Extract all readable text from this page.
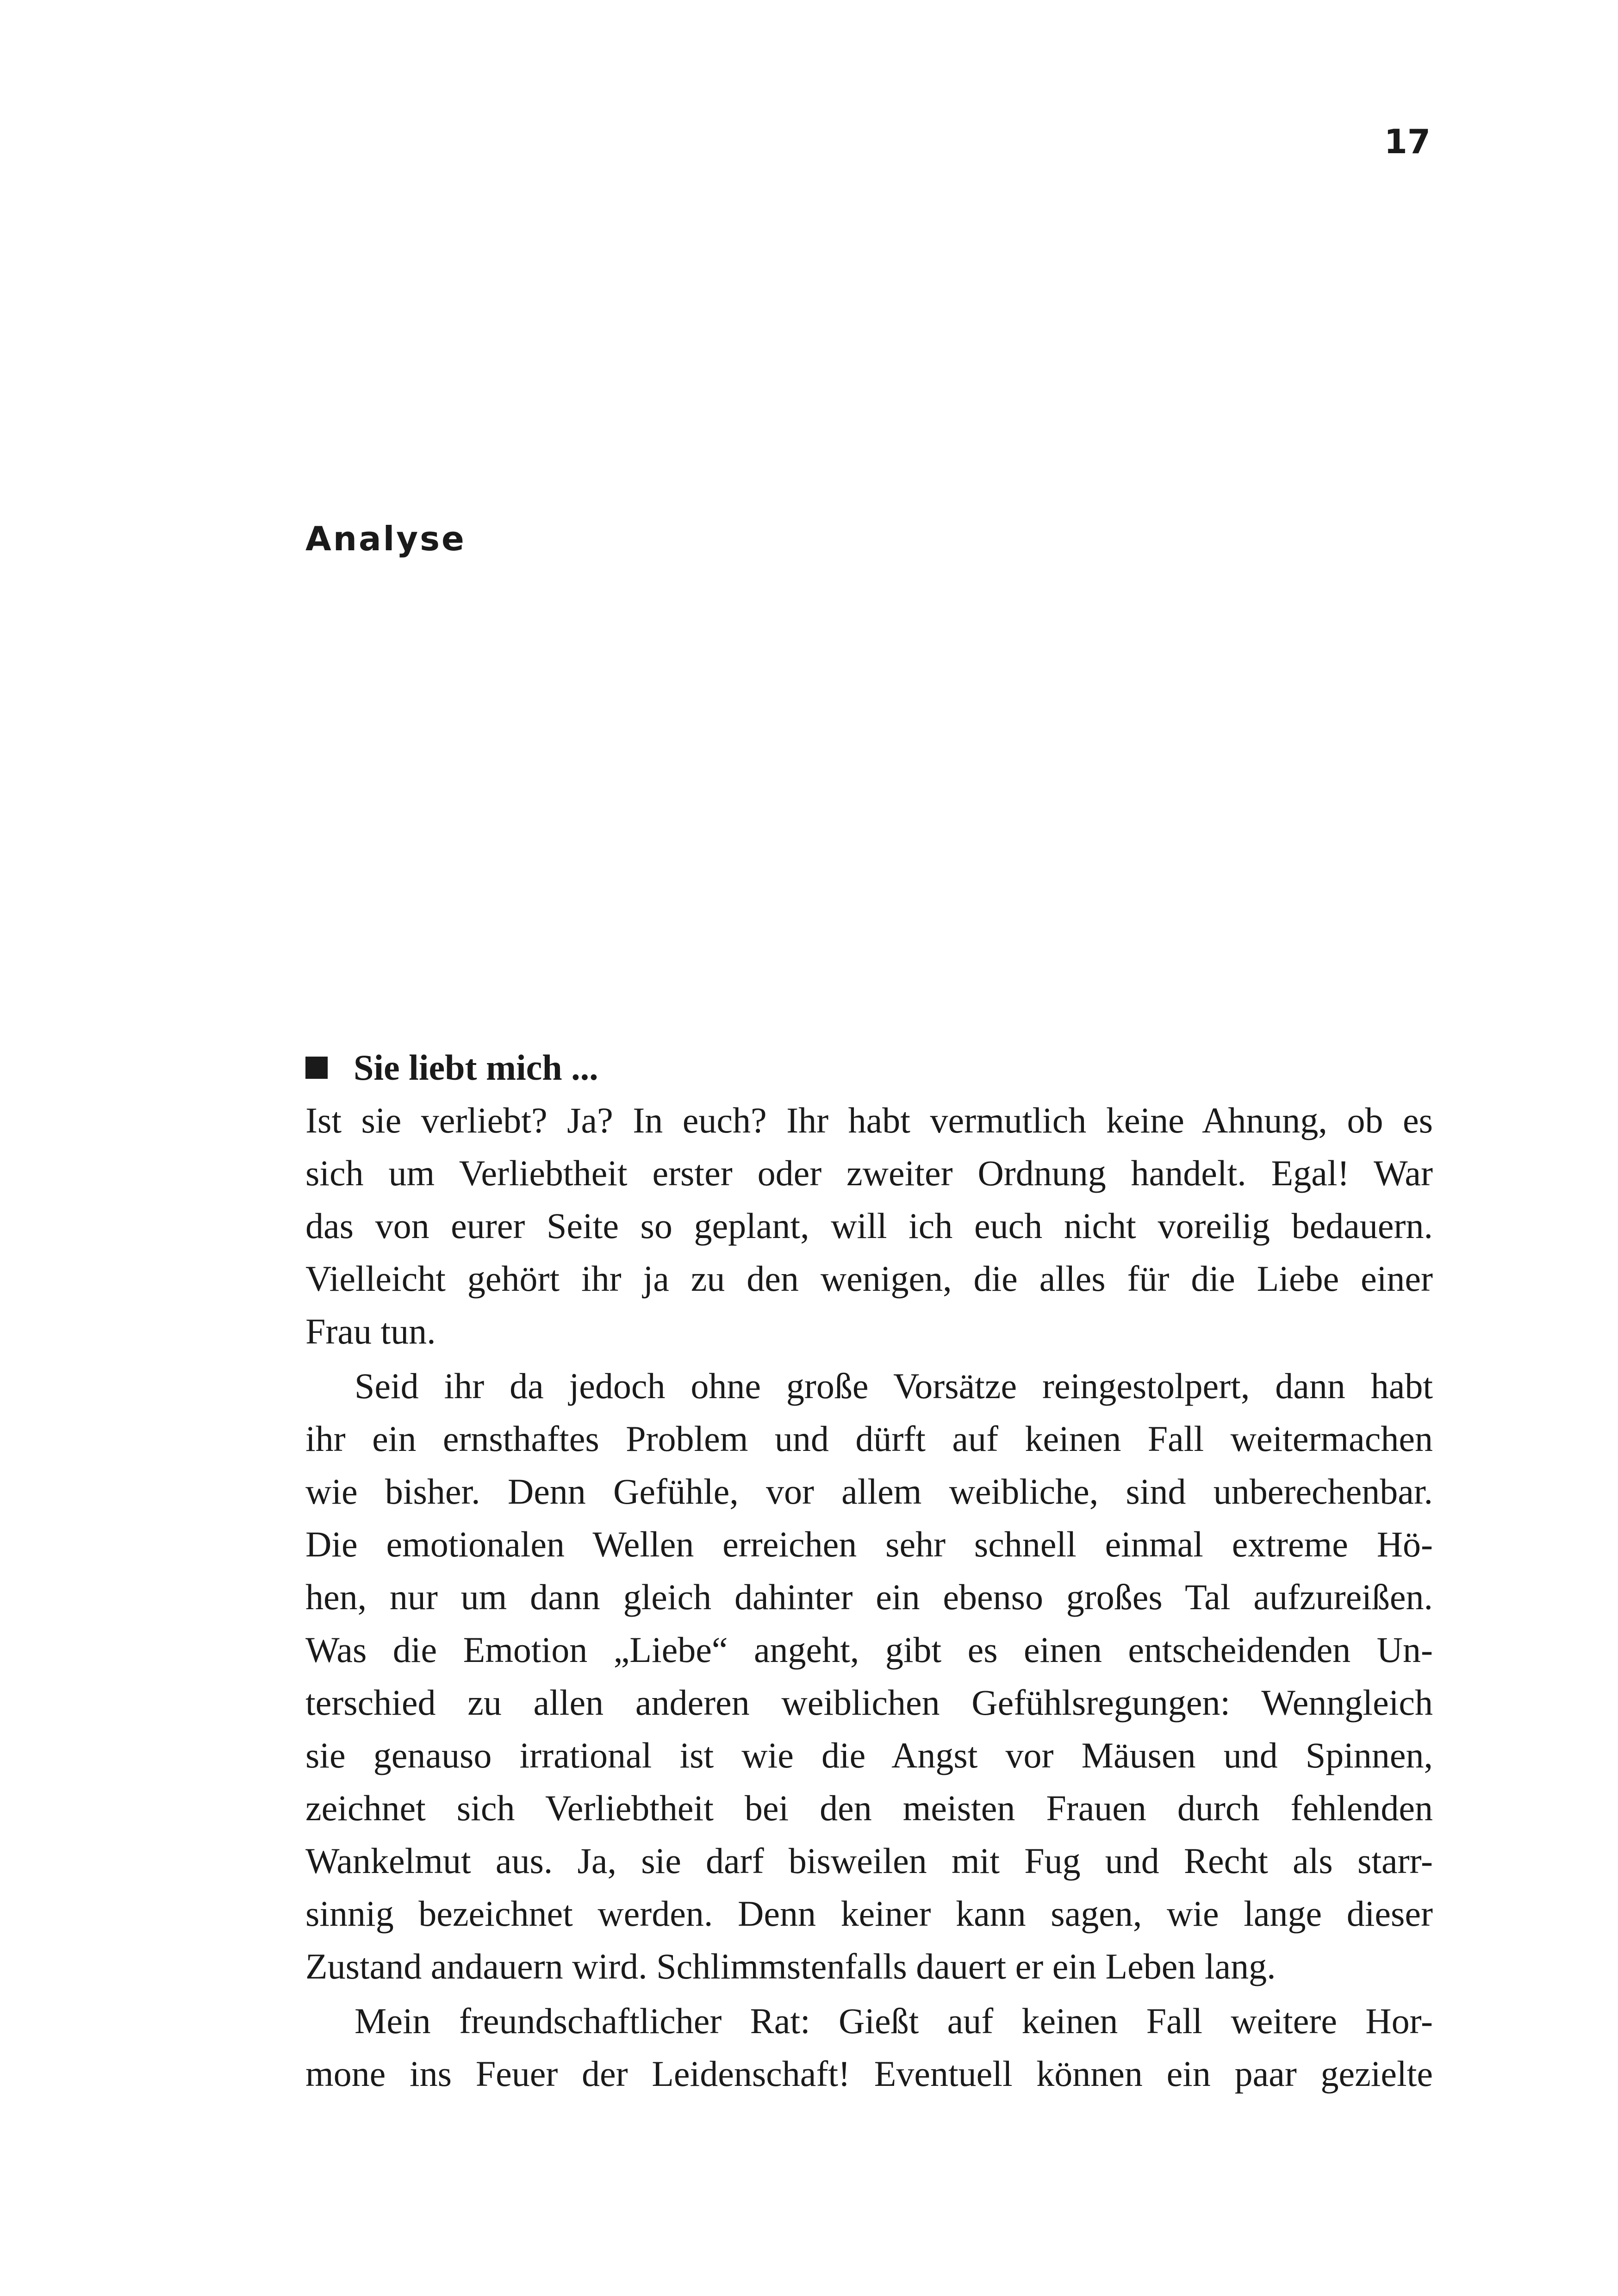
17
Analyse
Sie liebt mich ...

Ist sie verliebt? Ja? In euch? Ihr habt vermutlich keine Ahnung, ob es
sich um Verliebtheit erster oder zweiter Ordnung handelt. Egal! War
das von eurer Seite so geplant, will ich euch nicht voreilig bedauern.
Vielleicht gehört ihr ja zu den wenigen, die alles für die Liebe einer
Frau tun.

Seid ihr da jedoch ohne große Vorsätze reingestolpert, dann habt
ihr ein ernsthaftes Problem und dürft auf keinen Fall weitermachen
wie bisher. Denn Gefühle, vor allem weibliche, sind unberechenbar.
Die emotionalen Wellen erreichen sehr schnell einmal extreme Hö-
hen, nur um dann gleich dahinter ein ebenso großes Tal aufzureißen.
Was die Emotion „Liebe“ angeht, gibt es einen entscheidenden Un-
terschied zu allen anderen weiblichen Gefühlsregungen: Wenngleich
sie genauso irrational ist wie die Angst vor Mäusen und Spinnen,
zeichnet sich Verliebtheit bei den meisten Frauen durch fehlenden
Wankelmut aus. Ja, sie darf bisweilen mit Fug und Recht als starr-
sinnig bezeichnet werden. Denn keiner kann sagen, wie lange dieser
Zustand andauern wird. Schlimmstenfalls dauert er ein Leben lang.

Mein freundschaftlicher Rat: Gießt auf keinen Fall weitere Hor-
mone ins Feuer der Leidenschaft! Eventuell können ein paar gezielte
